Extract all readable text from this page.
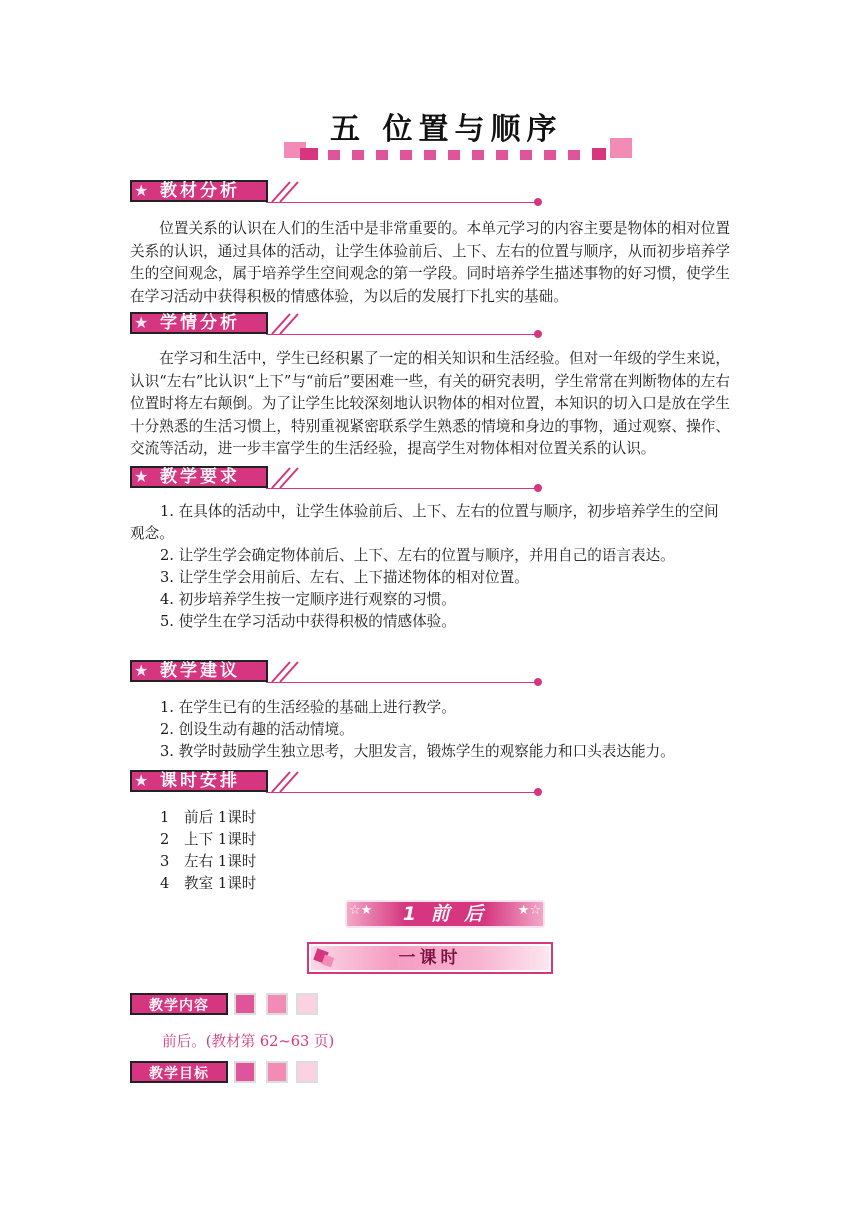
五 位置与顺序
★ 教材分析
位置关系的认识在人们的生活中是非常重要的。本单元学习的内容主要是物体的相对位置关系的认识，通过具体的活动，让学生体验前后、上下、左右的位置与顺序，从而初步培养学生的空间观念，属于培养学生空间观念的第一学段。同时培养学生描述事物的好习惯，使学生在学习活动中获得积极的情感体验，为以后的发展打下扎实的基础。
★ 学情分析
在学习和生活中，学生已经积累了一定的相关知识和生活经验。但对一年级的学生来说，认识“左右”比认识“上下”与“前后”要困难一些，有关的研究表明，学生常常在判断物体的左右位置时将左右颠倒。为了让学生比较深刻地认识物体的相对位置，本知识的切入口是放在学生十分熟悉的生活习惯上，特别重视紧密联系学生熟悉的情境和身边的事物，通过观察、操作、交流等活动，进一步丰富学生的生活经验，提高学生对物体相对位置关系的认识。
★ 教学要求
1. 在具体的活动中，让学生体验前后、上下、左右的位置与顺序，初步培养学生的空间观念。
2. 让学生学会确定物体前后、上下、左右的位置与顺序，并用自己的语言表达。
3. 让学生学会用前后、左右、上下描述物体的相对位置。
4. 初步培养学生按一定顺序进行观察的习惯。
5. 使学生在学习活动中获得积极的情感体验。
★ 教学建议
1. 在学生已有的生活经验的基础上进行教学。
2. 创设生动有趣的活动情境。
3. 教学时鼓励学生独立思考，大胆发言，锻炼学生的观察能力和口头表达能力。
★ 课时安排
1 前后 1课时
2 上下 1课时
3 左右 1课时
4 教室 1课时
☆★	★☆
1 前 后
一课时
教学内容
前后。(教材第 62~63 页)
教学目标
